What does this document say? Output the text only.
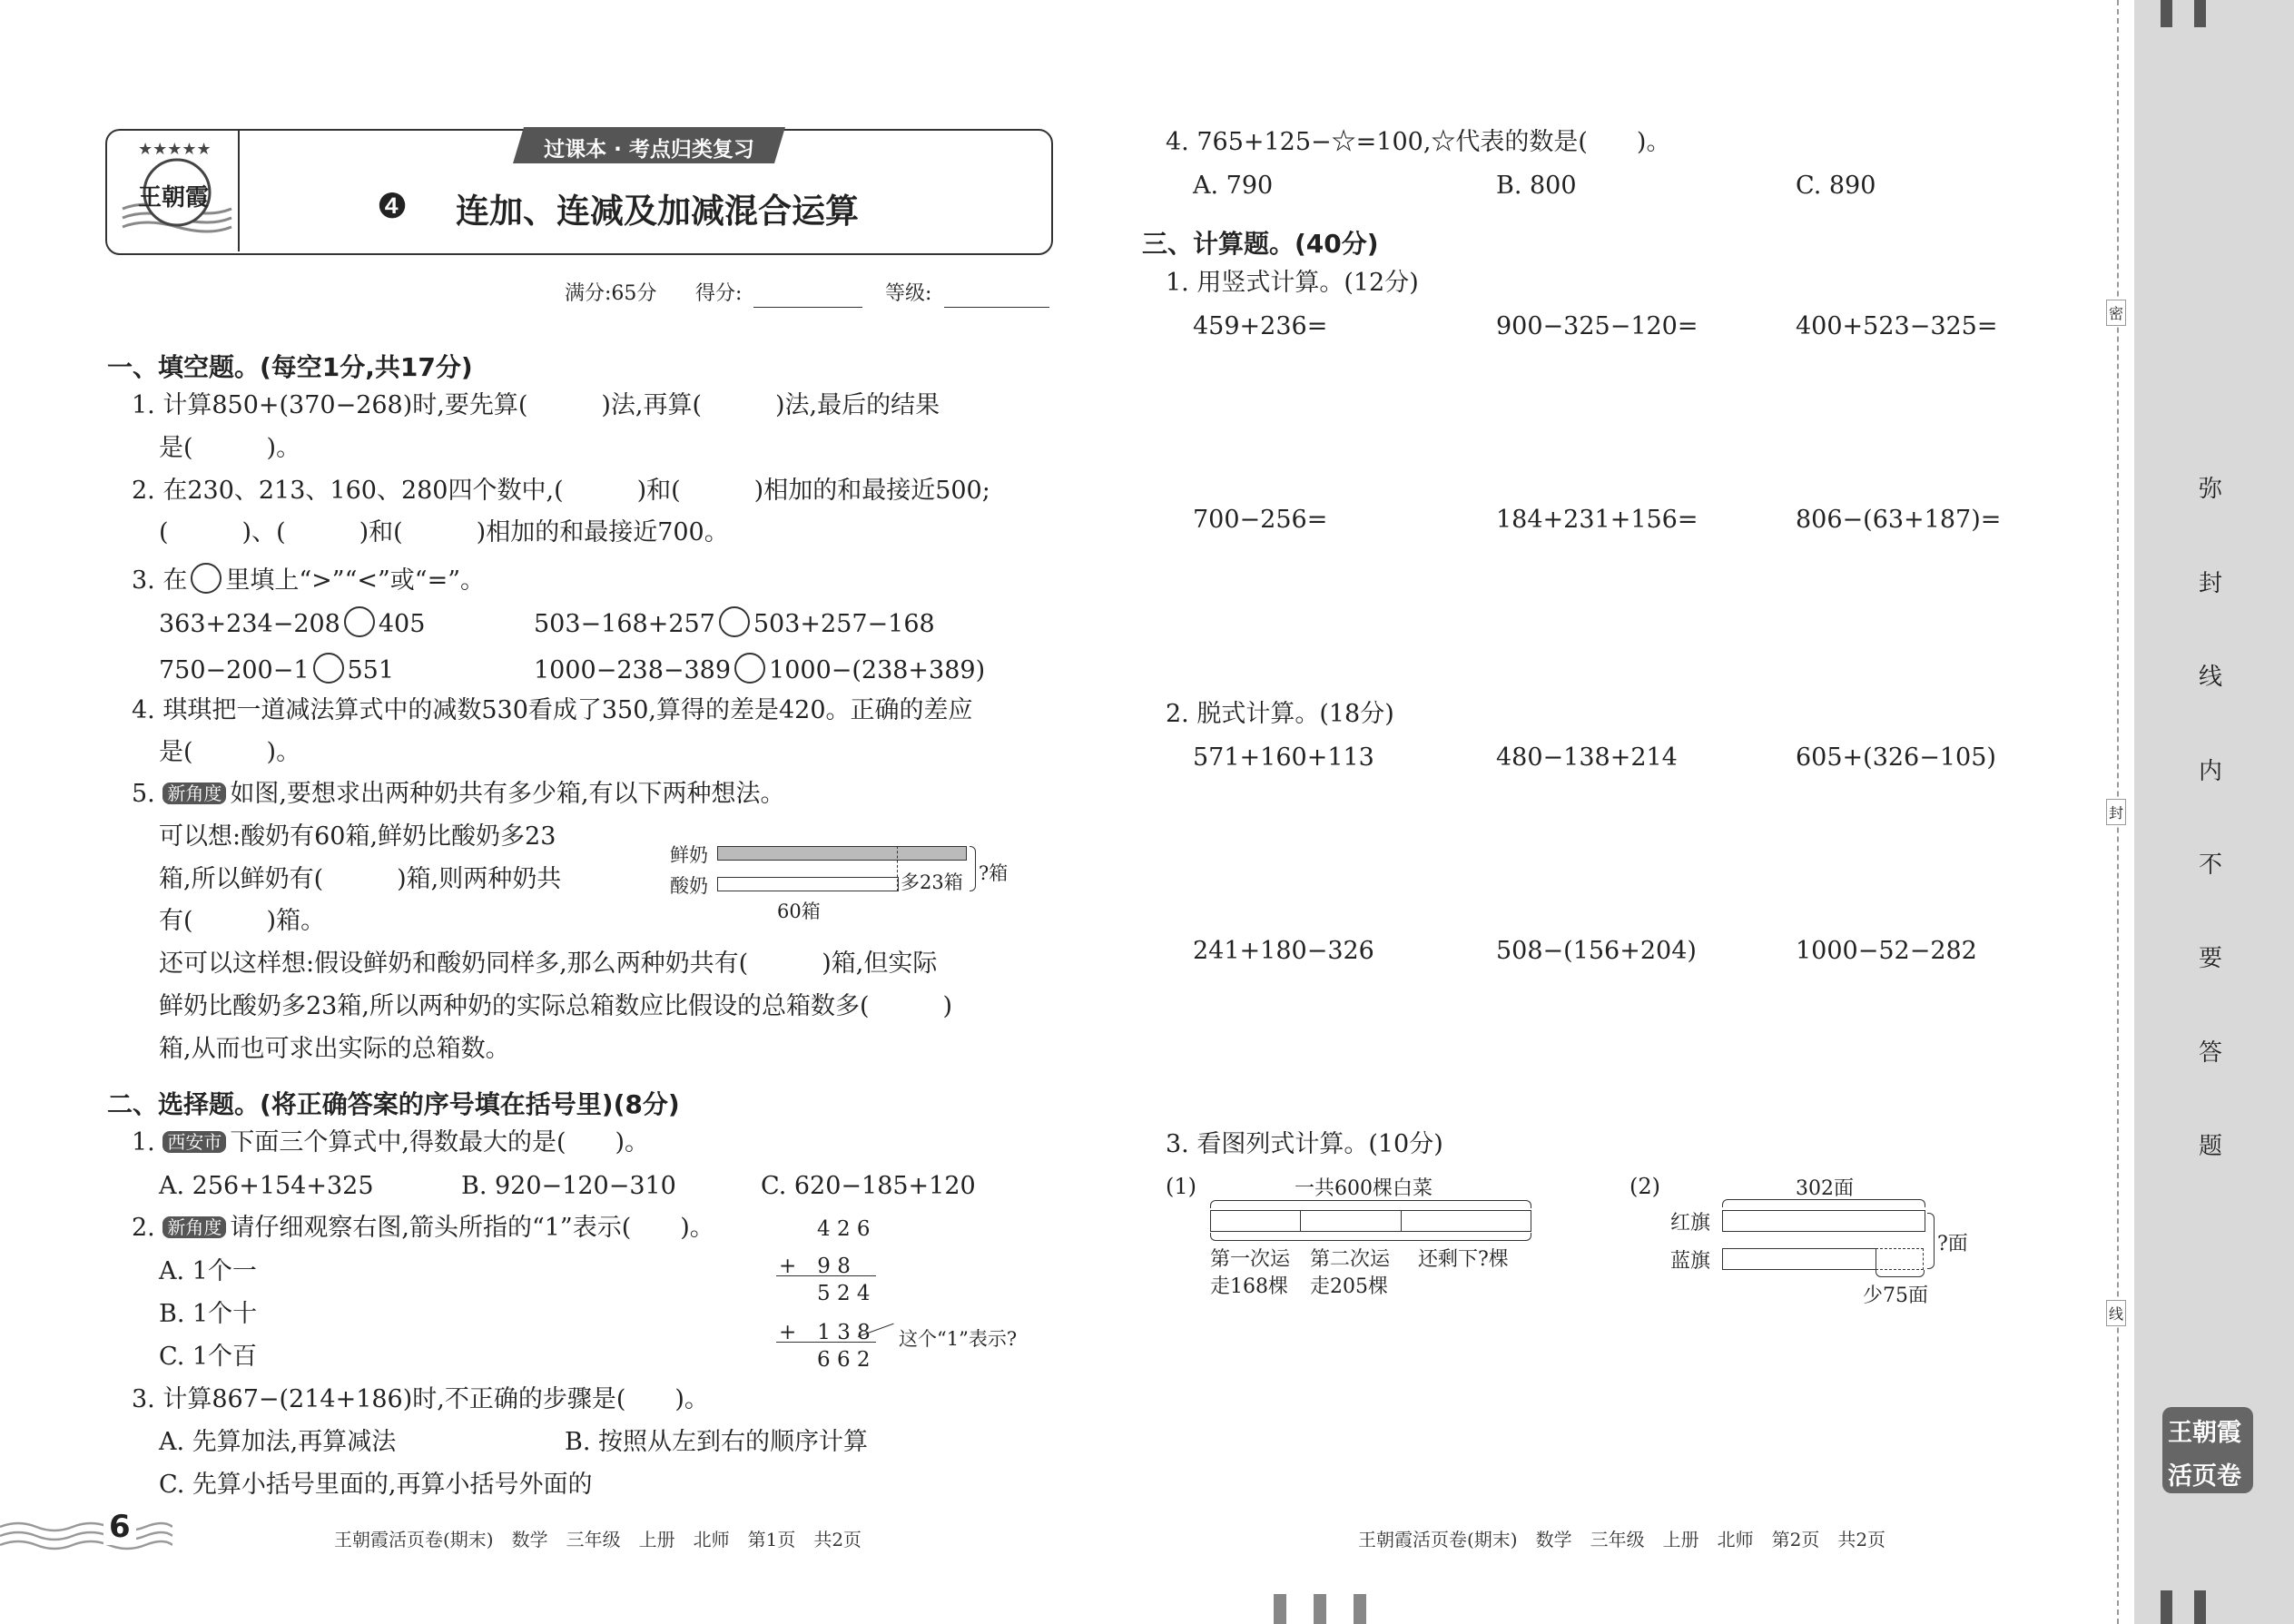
★★★★★
王朝霞
过课本 · 考点归类复习
❹ 连加、连减及加减混合运算
满分:65分 得分:	等级:
一、填空题。(每空1分,共17分)
1. 计算850+(370−268)时,要先算(　　　)法,再算(　　　)法,最后的结果
是(　　　)。
2. 在230、213、160、280四个数中,(　　　)和(　　　)相加的和最接近500;
(　　　)、(　　　)和(　　　)相加的和最接近700。
3. 在 里填上“>”“<”或“=”。
363+234−208 405	503−168+257 503+257−168
750−200−1 551	1000−238−389 1000−(238+389)
4. 琪琪把一道减法算式中的减数530看成了350,算得的差是420。正确的差应
是(　　　)。
5. 新角度 如图,要想求出两种奶共有多少箱,有以下两种想法。
可以想:酸奶有60箱,鲜奶比酸奶多23
箱,所以鲜奶有(　　　)箱,则两种奶共
有(　　　)箱。
鲜奶
酸奶	多23箱 ?箱
60箱
还可以这样想:假设鲜奶和酸奶同样多,那么两种奶共有(　　　)箱,但实际
鲜奶比酸奶多23箱,所以两种奶的实际总箱数应比假设的总箱数多(　　　)
箱,从而也可求出实际的总箱数。
二、选择题。(将正确答案的序号填在括号里)(8分)
1. 西安市 下面三个算式中,得数最大的是(　　)。
A. 256+154+325	B. 920−120−310	C. 620−185+120
2. 新角度 请仔细观察右图,箭头所指的“1”表示(　　)。
A. 1个一
B. 1个十
C. 1个百
4 2 6
+　9 8
5 2 4
+　1 3 8
6 6 2
这个“1”表示?
3. 计算867−(214+186)时,不正确的步骤是(　　)。
A. 先算加法,再算减法	B. 按照从左到右的顺序计算
C. 先算小括号里面的,再算小括号外面的
4. 765+125−☆=100,☆代表的数是(　　)。
A. 790	B. 800	C. 890
三、计算题。(40分)
1. 用竖式计算。(12分)
459+236=	900−325−120=	400+523−325=
700−256=	184+231+156=	806−(63+187)=
2. 脱式计算。(18分)
571+160+113	480−138+214	605+(326−105)
241+180−326	508−(156+204)	1000−52−282
3. 看图列式计算。(10分)
(1)	一共600棵白菜
第一次运
走168棵
第二次运
走205棵
还剩下?棵
(2)	302面
红旗
蓝旗
?面
少75面
密
封
线
弥
封
线
内
不
要
答
题
王朝霞
活页卷
6	王朝霞活页卷(期末)　数学　三年级　上册　北师　第1页　共2页	王朝霞活页卷(期末)　数学　三年级　上册　北师　第2页　共2页
